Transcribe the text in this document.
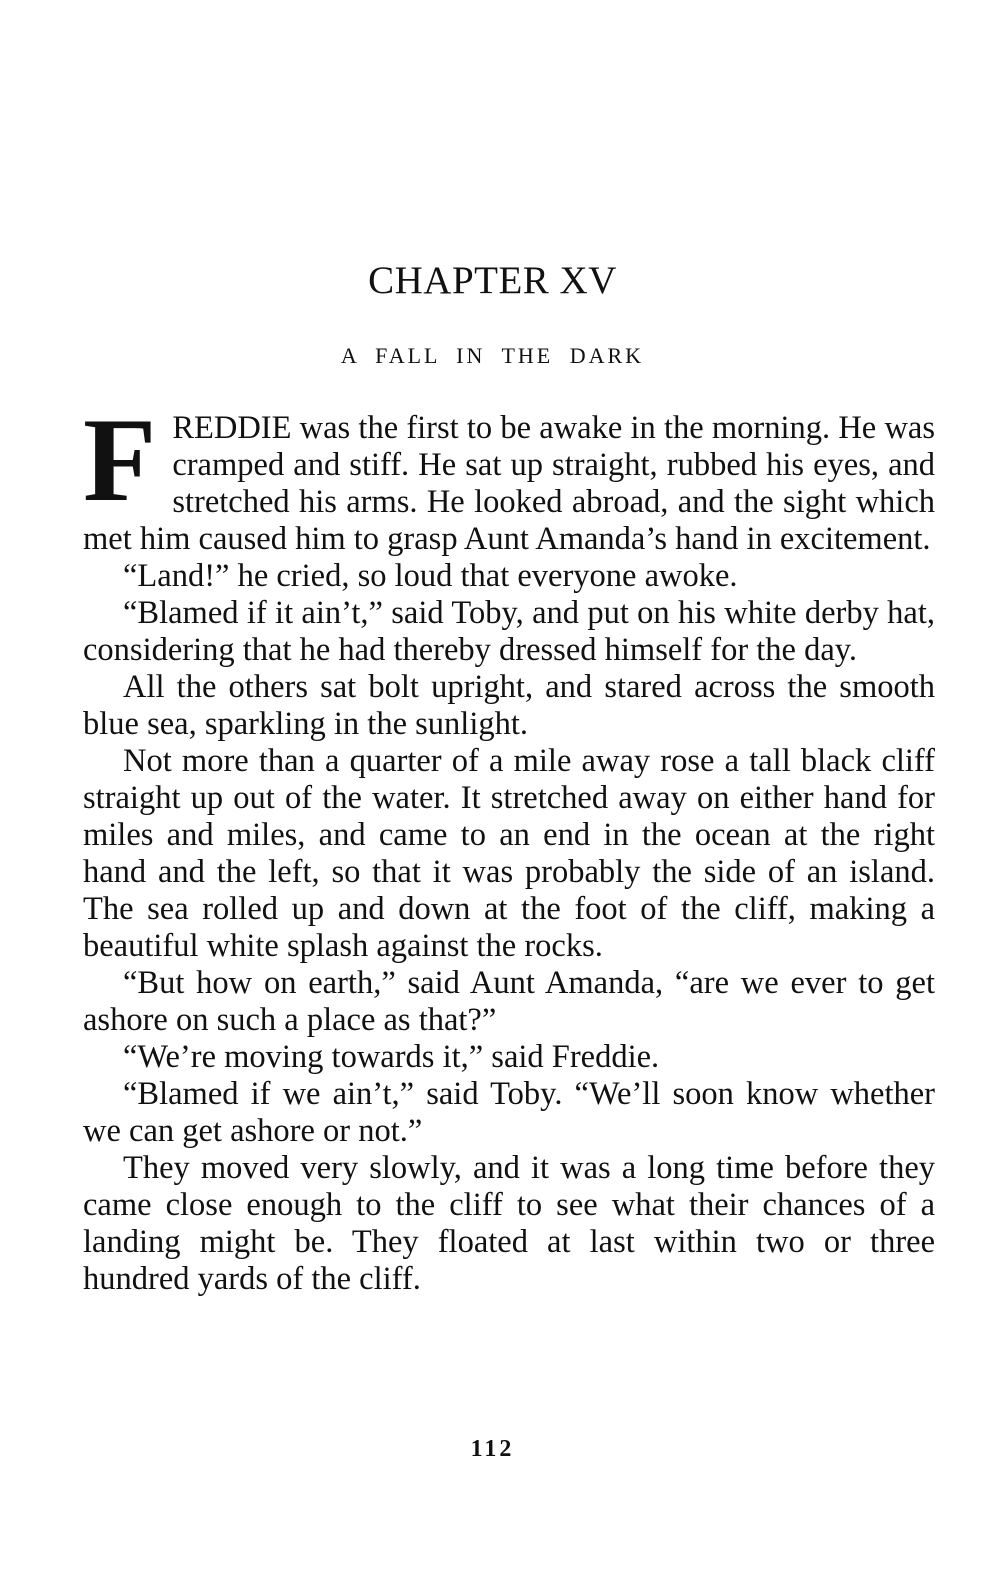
CHAPTER XV
A FALL IN THE DARK

FREDDIE was the first to be awake in the morning. He was cramped and stiff. He sat up straight, rubbed his eyes, and stretched his arms. He looked abroad, and the sight which met him caused him to grasp Aunt Amanda’s hand in excitement.

“Land!” he cried, so loud that everyone awoke.

“Blamed if it ain’t,” said Toby, and put on his white derby hat, considering that he had thereby dressed himself for the day.

All the others sat bolt upright, and stared across the smooth blue sea, sparkling in the sunlight.

Not more than a quarter of a mile away rose a tall black cliff straight up out of the water. It stretched away on either hand for miles and miles, and came to an end in the ocean at the right hand and the left, so that it was probably the side of an island. The sea rolled up and down at the foot of the cliff, making a beautiful white splash against the rocks.

“But how on earth,” said Aunt Amanda, “are we ever to get ashore on such a place as that?”

“We’re moving towards it,” said Freddie.

“Blamed if we ain’t,” said Toby. “We’ll soon know whether we can get ashore or not.”

They moved very slowly, and it was a long time before they came close enough to the cliff to see what their chances of a landing might be. They floated at last within two or three hundred yards of the cliff.

112
